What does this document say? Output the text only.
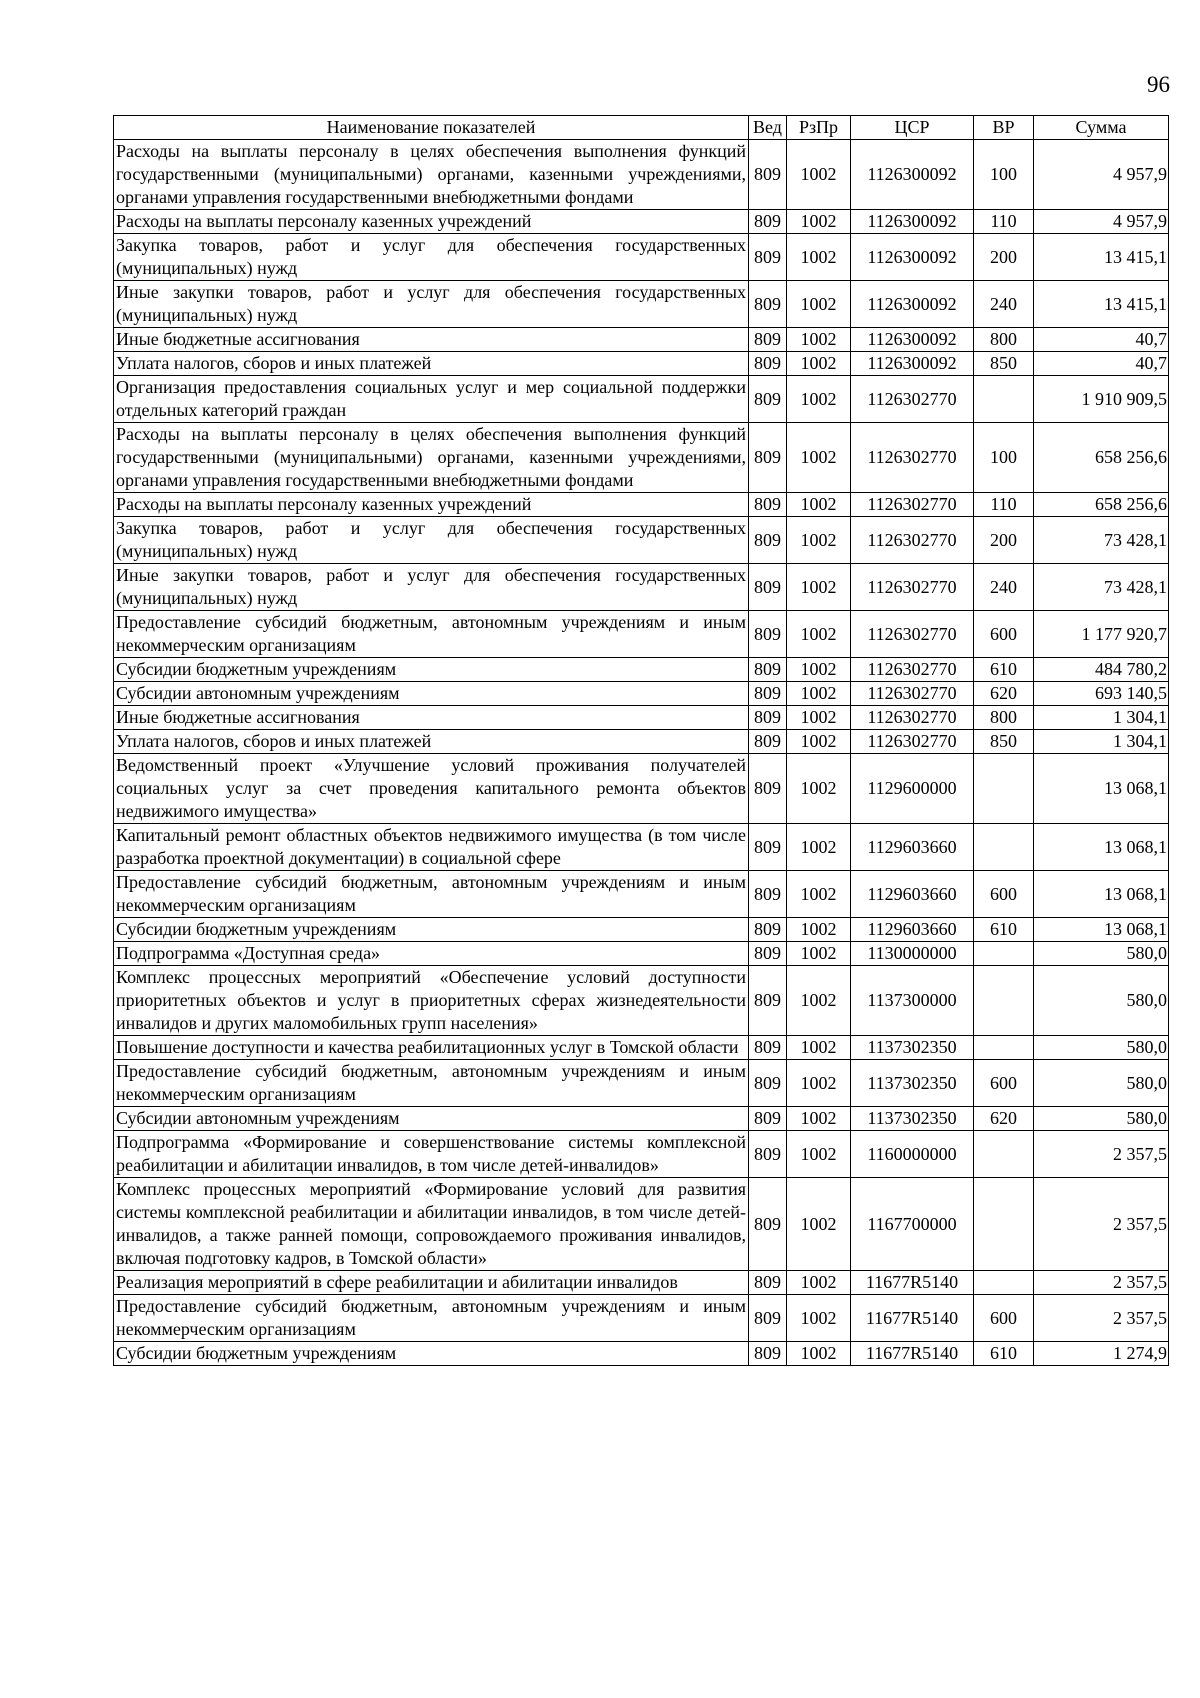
96
Наименование показателей	Вед	РзПр	ЦСР	ВР	Сумма
Расходы на выплаты персоналу в целях обеспечения выполнения функций государственными (муниципальными) органами, казенными учреждениями, органами управления государственными внебюджетными фондами	809	1002	1126300092	100	4 957,9
Расходы на выплаты персоналу казенных учреждений	809	1002	1126300092	110	4 957,9
Закупка товаров, работ и услуг для обеспечения государственных (муниципальных) нужд	809	1002	1126300092	200	13 415,1
Иные закупки товаров, работ и услуг для обеспечения государственных (муниципальных) нужд	809	1002	1126300092	240	13 415,1
Иные бюджетные ассигнования	809	1002	1126300092	800	40,7
Уплата налогов, сборов и иных платежей	809	1002	1126300092	850	40,7
Организация предоставления социальных услуг и мер социальной поддержки отдельных категорий граждан	809	1002	1126302770		1 910 909,5
Расходы на выплаты персоналу в целях обеспечения выполнения функций государственными (муниципальными) органами, казенными учреждениями, органами управления государственными внебюджетными фондами	809	1002	1126302770	100	658 256,6
Расходы на выплаты персоналу казенных учреждений	809	1002	1126302770	110	658 256,6
Закупка товаров, работ и услуг для обеспечения государственных (муниципальных) нужд	809	1002	1126302770	200	73 428,1
Иные закупки товаров, работ и услуг для обеспечения государственных (муниципальных) нужд	809	1002	1126302770	240	73 428,1
Предоставление субсидий бюджетным, автономным учреждениям и иным некоммерческим организациям	809	1002	1126302770	600	1 177 920,7
Субсидии бюджетным учреждениям	809	1002	1126302770	610	484 780,2
Субсидии автономным учреждениям	809	1002	1126302770	620	693 140,5
Иные бюджетные ассигнования	809	1002	1126302770	800	1 304,1
Уплата налогов, сборов и иных платежей	809	1002	1126302770	850	1 304,1
Ведомственный проект «Улучшение условий проживания получателей социальных услуг за счет проведения капитального ремонта объектов недвижимого имущества»	809	1002	1129600000		13 068,1
Капитальный ремонт областных объектов недвижимого имущества (в том числе разработка проектной документации) в социальной сфере	809	1002	1129603660		13 068,1
Предоставление субсидий бюджетным, автономным учреждениям и иным некоммерческим организациям	809	1002	1129603660	600	13 068,1
Субсидии бюджетным учреждениям	809	1002	1129603660	610	13 068,1
Подпрограмма «Доступная среда»	809	1002	1130000000		580,0
Комплекс процессных мероприятий «Обеспечение условий доступности приоритетных объектов и услуг в приоритетных сферах жизнедеятельности инвалидов и других маломобильных групп населения»	809	1002	1137300000		580,0
Повышение доступности и качества реабилитационных услуг в Томской области	809	1002	1137302350		580,0
Предоставление субсидий бюджетным, автономным учреждениям и иным некоммерческим организациям	809	1002	1137302350	600	580,0
Субсидии автономным учреждениям	809	1002	1137302350	620	580,0
Подпрограмма «Формирование и совершенствование системы комплексной реабилитации и абилитации инвалидов, в том числе детей-инвалидов»	809	1002	1160000000		2 357,5
Комплекс процессных мероприятий «Формирование условий для развития системы комплексной реабилитации и абилитации инвалидов, в том числе детей-инвалидов, а также ранней помощи, сопровождаемого проживания инвалидов, включая подготовку кадров, в Томской области»	809	1002	1167700000		2 357,5
Реализация мероприятий в сфере реабилитации и абилитации инвалидов	809	1002	11677R5140		2 357,5
Предоставление субсидий бюджетным, автономным учреждениям и иным некоммерческим организациям	809	1002	11677R5140	600	2 357,5
Субсидии бюджетным учреждениям	809	1002	11677R5140	610	1 274,9
